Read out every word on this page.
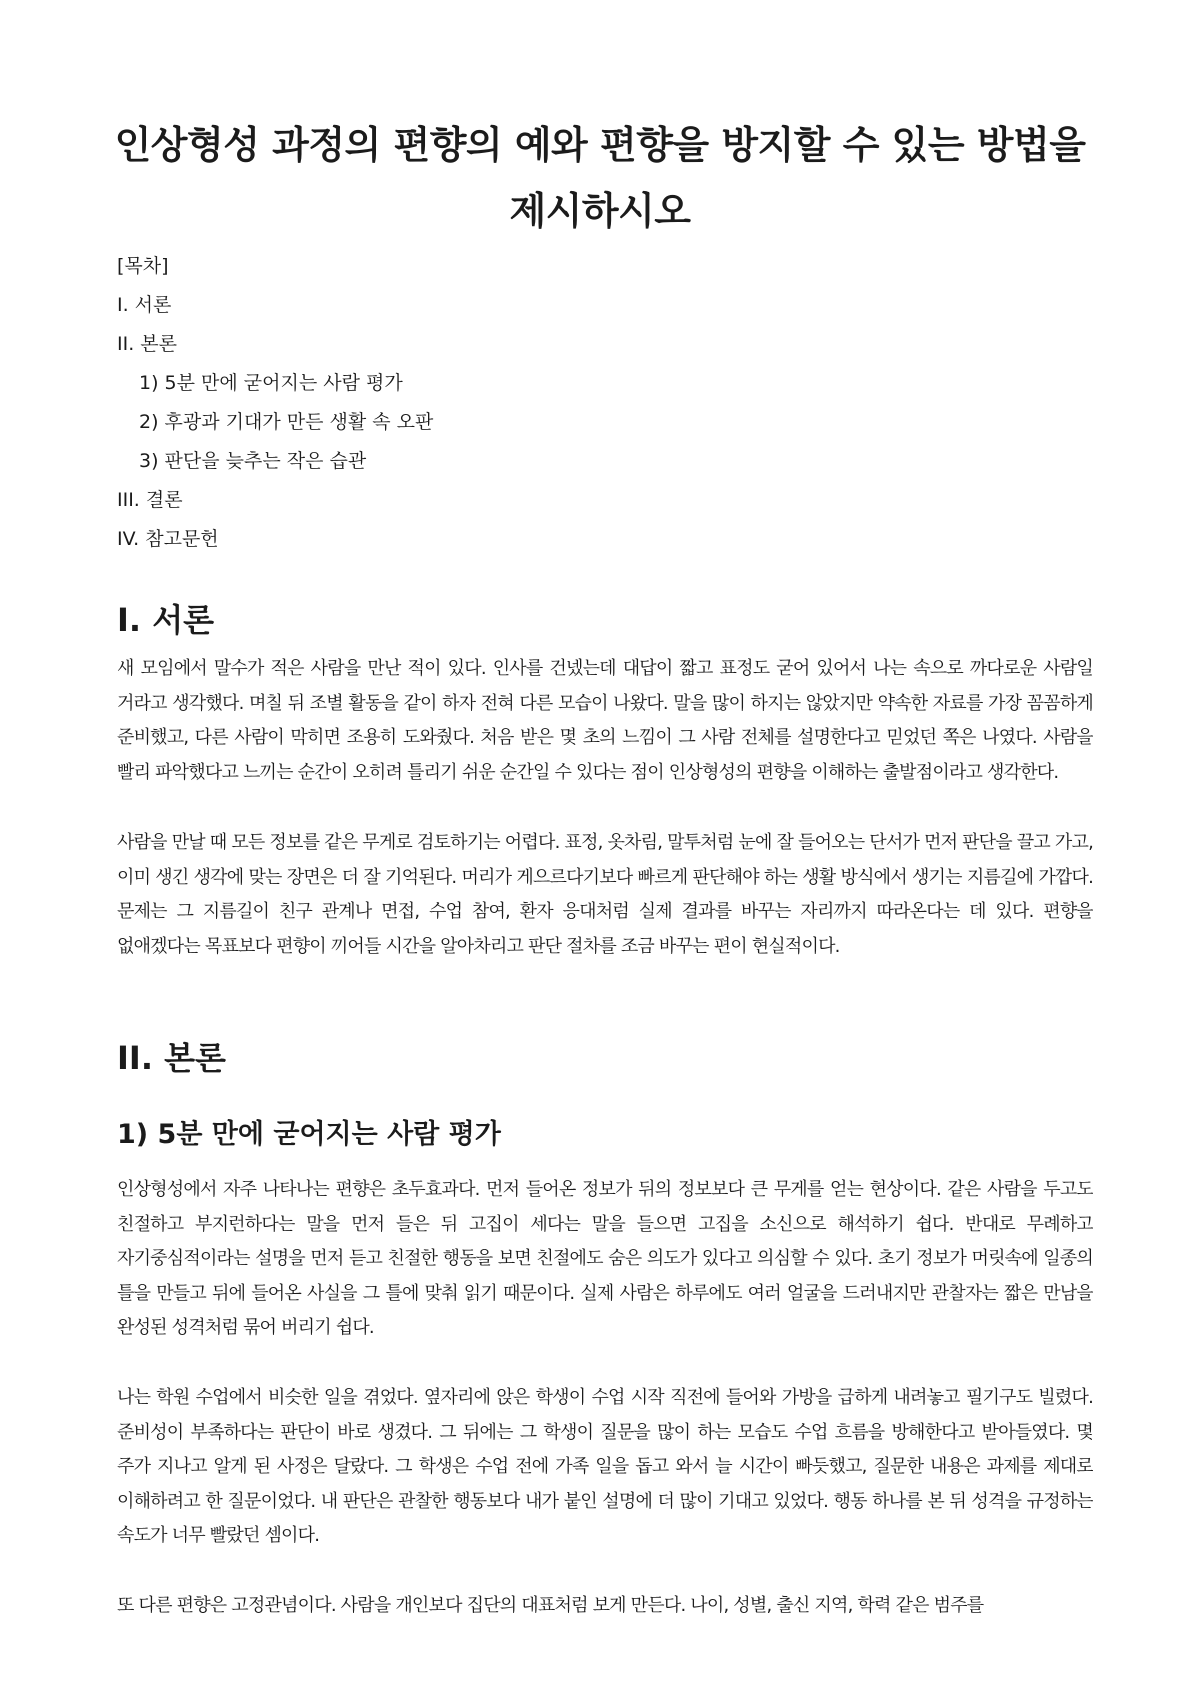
인상형성 과정의 편향의 예와 편향을 방지할 수 있는 방법을 제시하시오
[목차]
I. 서론
II. 본론
1) 5분 만에 굳어지는 사람 평가
2) 후광과 기대가 만든 생활 속 오판
3) 판단을 늦추는 작은 습관
III. 결론
IV. 참고문헌
I. 서론

새 모임에서 말수가 적은 사람을 만난 적이 있다. 인사를 건넸는데 대답이 짧고 표정도 굳어 있어서 나는 속으로 까다로운 사람일 거라고 생각했다. 며칠 뒤 조별 활동을 같이 하자 전혀 다른 모습이 나왔다. 말을 많이 하지는 않았지만 약속한 자료를 가장 꼼꼼하게 준비했고, 다른 사람이 막히면 조용히 도와줬다. 처음 받은 몇 초의 느낌이 그 사람 전체를 설명한다고 믿었던 쪽은 나였다. 사람을 빨리 파악했다고 느끼는 순간이 오히려 틀리기 쉬운 순간일 수 있다는 점이 인상형성의 편향을 이해하는 출발점이라고 생각한다.

사람을 만날 때 모든 정보를 같은 무게로 검토하기는 어렵다. 표정, 옷차림, 말투처럼 눈에 잘 들어오는 단서가 먼저 판단을 끌고 가고, 이미 생긴 생각에 맞는 장면은 더 잘 기억된다. 머리가 게으르다기보다 빠르게 판단해야 하는 생활 방식에서 생기는 지름길에 가깝다. 문제는 그 지름길이 친구 관계나 면접, 수업 참여, 환자 응대처럼 실제 결과를 바꾸는 자리까지 따라온다는 데 있다. 편향을 없애겠다는 목표보다 편향이 끼어들 시간을 알아차리고 판단 절차를 조금 바꾸는 편이 현실적이다.

II. 본론
1) 5분 만에 굳어지는 사람 평가

인상형성에서 자주 나타나는 편향은 초두효과다. 먼저 들어온 정보가 뒤의 정보보다 큰 무게를 얻는 현상이다. 같은 사람을 두고도 친절하고 부지런하다는 말을 먼저 들은 뒤 고집이 세다는 말을 들으면 고집을 소신으로 해석하기 쉽다. 반대로 무례하고 자기중심적이라는 설명을 먼저 듣고 친절한 행동을 보면 친절에도 숨은 의도가 있다고 의심할 수 있다. 초기 정보가 머릿속에 일종의 틀을 만들고 뒤에 들어온 사실을 그 틀에 맞춰 읽기 때문이다. 실제 사람은 하루에도 여러 얼굴을 드러내지만 관찰자는 짧은 만남을 완성된 성격처럼 묶어 버리기 쉽다.

나는 학원 수업에서 비슷한 일을 겪었다. 옆자리에 앉은 학생이 수업 시작 직전에 들어와 가방을 급하게 내려놓고 필기구도 빌렸다. 준비성이 부족하다는 판단이 바로 생겼다. 그 뒤에는 그 학생이 질문을 많이 하는 모습도 수업 흐름을 방해한다고 받아들였다. 몇 주가 지나고 알게 된 사정은 달랐다. 그 학생은 수업 전에 가족 일을 돕고 와서 늘 시간이 빠듯했고, 질문한 내용은 과제를 제대로 이해하려고 한 질문이었다. 내 판단은 관찰한 행동보다 내가 붙인 설명에 더 많이 기대고 있었다. 행동 하나를 본 뒤 성격을 규정하는 속도가 너무 빨랐던 셈이다.

또 다른 편향은 고정관념이다. 사람을 개인보다 집단의 대표처럼 보게 만든다. 나이, 성별, 출신 지역, 학력 같은 범주를
